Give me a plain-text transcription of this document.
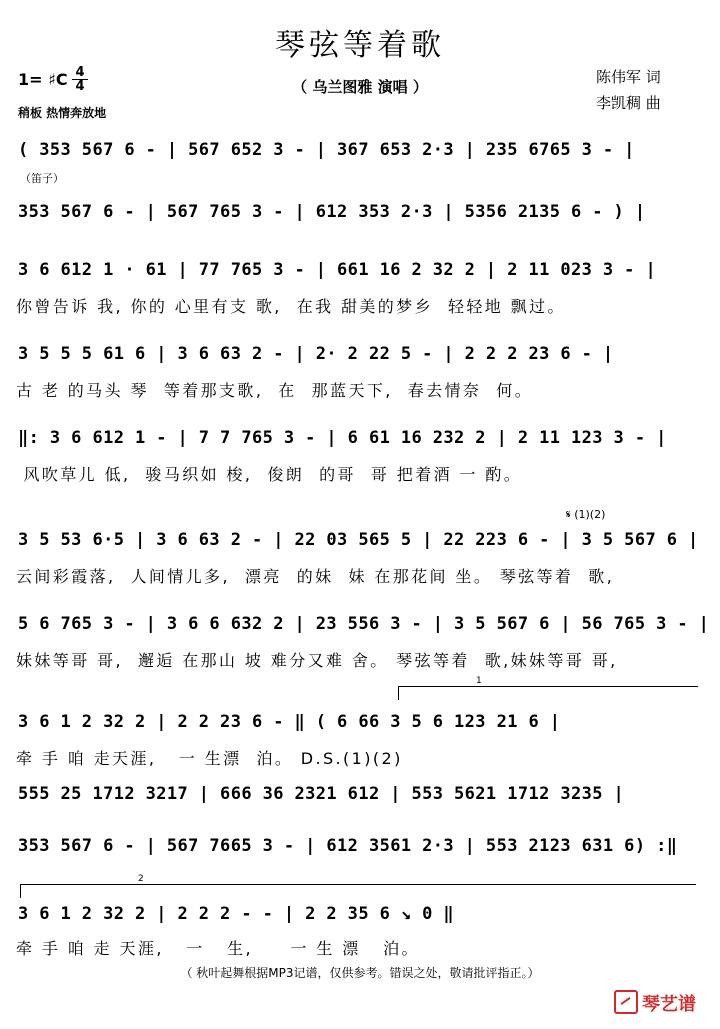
琴弦等着歌
（ 乌兰图雅 演唱 ）
1= ♯C 4
4
稍板 热情奔放地
陈伟军 词
李凯稠 曲
( 353 567 6 - | 567 652 3 - | 367 653 2·3 | 235 6765 3 - |
（笛子）
353 567 6 - | 567 765 3 - | 612 353 2·3 | 5356 2135 6 - ) |
3 6 612 1 · 61 | 77 765 3 - | 661 16 2 32 2 | 2 11 023 3 - |
你曾告诉 我, 你的 心里有支 歌,  在我 甜美的梦乡  轻轻地 飘过。
3 5 5 5 61 6 | 3 6 63 2 - | 2· 2 22 5 - | 2 2 2 23 6 - |
古 老 的马头 琴  等着那支歌,  在  那蓝天下,  春去情奈  何。
‖: 3 6 612 1 - | 7 7 765 3 - | 6 61 16 232 2 | 2 11 123 3 - |
风吹草儿 低,  骏马织如 梭,  俊朗  的哥  哥 把着酒 一 酌。
𝄋 (1)(2)
3 5 53 6·5 | 3 6 63 2 - | 22 03 565 5 | 22 223 6 - | 3 5 567 6 |
云间彩霞落,  人间情儿多,  漂亮  的妹  妹 在那花间 坐。 琴弦等着  歌,
5 6 765 3 - | 3 6 6 632 2 | 23 556 3 - | 3 5 567 6 | 56 765 3 - |
妹妹等哥 哥,  邂逅 在那山 坡 难分又难 舍。 琴弦等着  歌,妹妹等哥 哥,
1
3 6 1 2 32 2 | 2 2 23 6 - ‖ ( 6 66 3 5 6 123 21 6 |
牵 手 咱 走天涯,   一 生漂  泊。 D.S.(1)(2)
555 25 1712 3217 | 666 36 2321 612 | 553 5621 1712 3235 |
353 567 6 - | 567 7665 3 - | 612 3561 2·3 | 553 2123 631 6) :‖
2
3 6 1 2 32 2 | 2 2 2 - - | 2 2 35 6 ↘ 0 ‖
牵 手 咱 走 天涯,   一   生,     一 生 漂   泊。
（ 秋叶起舞根据MP3记谱，仅供参考。错误之处，敬请批评指正。）
琴艺谱
